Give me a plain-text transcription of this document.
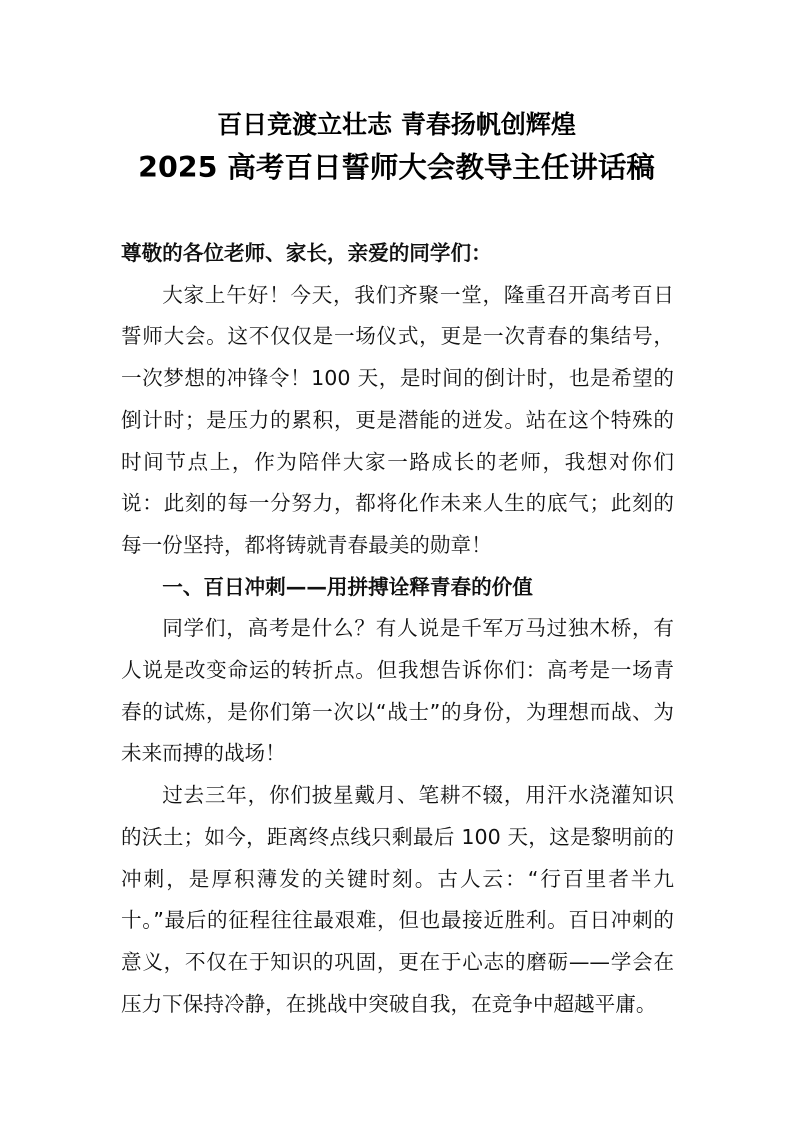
百日竞渡立壮志 青春扬帆创辉煌
2025 高考百日誓师大会教导主任讲话稿

尊敬的各位老师、家长，亲爱的同学们：

大家上午好！今天，我们齐聚一堂，隆重召开高考百日誓师大会。这不仅仅是一场仪式，更是一次青春的集结号，一次梦想的冲锋令！100 天，是时间的倒计时，也是希望的倒计时；是压力的累积，更是潜能的迸发。站在这个特殊的时间节点上，作为陪伴大家一路成长的老师，我想对你们说：此刻的每一分努力，都将化作未来人生的底气；此刻的每一份坚持，都将铸就青春最美的勋章！

一、百日冲刺——用拼搏诠释青春的价值

同学们，高考是什么？有人说是千军万马过独木桥，有人说是改变命运的转折点。但我想告诉你们：高考是一场青春的试炼，是你们第一次以“战士”的身份，为理想而战、为未来而搏的战场！

过去三年，你们披星戴月、笔耕不辍，用汗水浇灌知识的沃土；如今，距离终点线只剩最后 100 天，这是黎明前的冲刺，是厚积薄发的关键时刻。古人云：“行百里者半九十。”最后的征程往往最艰难，但也最接近胜利。百日冲刺的意义，不仅在于知识的巩固，更在于心志的磨砺——学会在压力下保持冷静，在挑战中突破自我，在竞争中超越平庸。
